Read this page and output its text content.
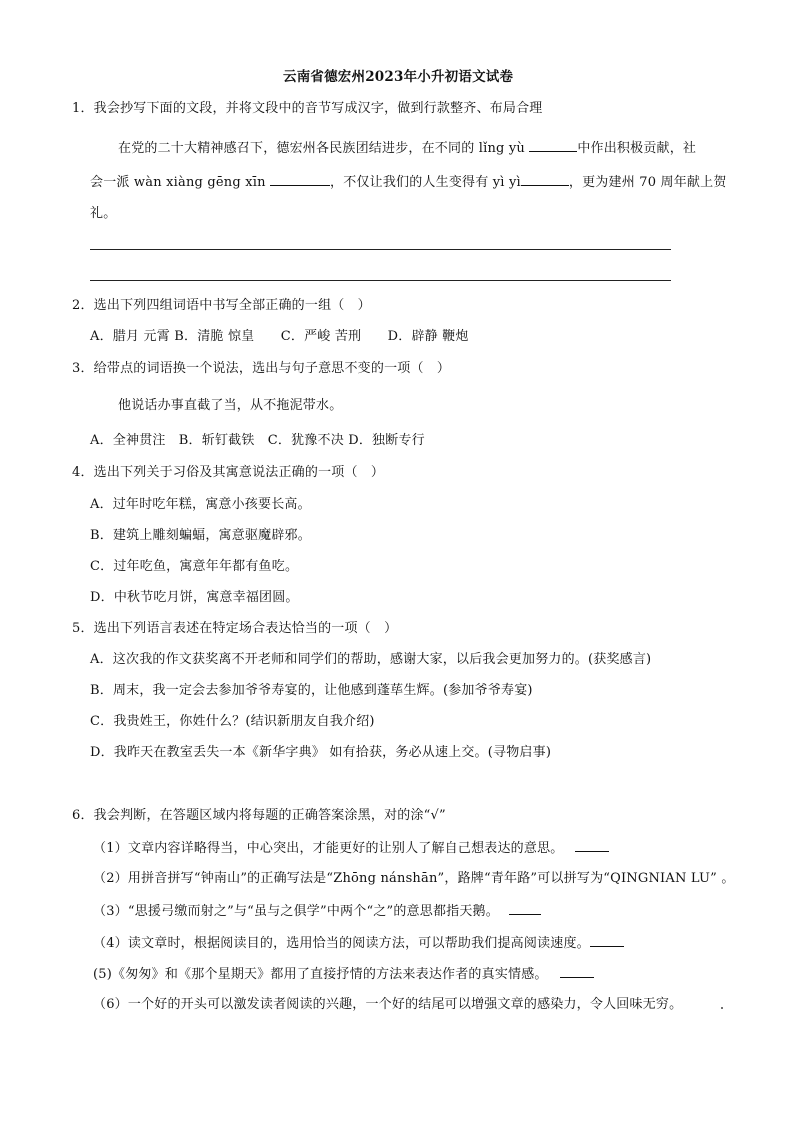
云南省德宏州2023年小升初语文试卷
1．我会抄写下面的文段，并将文段中的音节写成汉字，做到行款整齐、布局合理
在党的二十大精神感召下，德宏州各民族团结进步，在不同的 lǐng yù	中作出积极贡献，社
会一派 wàn xiàng gēng xīn	，不仅让我们的人生变得有 yì yì	，更为建州 70 周年献上贺
礼。
2．选出下列四组词语中书写全部正确的一组（　）
A．腊月 元霄 B．清脆 惊皇　　C．严峻 苦刑　　D．辟静 鞭炮
3．给带点的词语换一个说法，选出与句子意思不变的一项（　）
他说话办事直截了当，从不拖泥带水。
A．全神贯注　B．斩钉截铁　C．犹豫不决 D．独断专行
4．选出下列关于习俗及其寓意说法正确的一项（　）
A．过年时吃年糕，寓意小孩要长高。
B．建筑上雕刻蝙蝠，寓意驱魔辟邪。
C．过年吃鱼，寓意年年都有鱼吃。
D．中秋节吃月饼，寓意幸福团圆。
5．选出下列语言表述在特定场合表达恰当的一项（　）
A．这次我的作文获奖离不开老师和同学们的帮助，感谢大家，以后我会更加努力的。(获奖感言)
B．周末，我一定会去参加爷爷寿宴的，让他感到蓬荜生辉。(参加爷爷寿宴)
C．我贵姓王，你姓什么？(结识新朋友自我介绍)
D．我昨天在教室丢失一本《新华字典》 如有拾获，务必从速上交。(寻物启事)
6．我会判断，在答题区域内将每题的正确答案涂黑，对的涂“√”
（1）文章内容详略得当，中心突出，才能更好的让别人了解自己想表达的意思。
（2）用拼音拼写“钟南山”的正确写法是“Zhōng nánshān”，路牌“青年路”可以拼写为“QINGNIAN LU” 。
（3）“思援弓缴而射之”与“虽与之俱学”中两个“之”的意思都指天鹅。
（4）读文章时，根据阅读目的，选用恰当的阅读方法，可以帮助我们提高阅读速度。
(5)《匆匆》和《那个星期天》都用了直接抒情的方法来表达作者的真实情感。
（6）一个好的开头可以激发读者阅读的兴趣，一个好的结尾可以增强文章的感染力，令人回味无穷。
